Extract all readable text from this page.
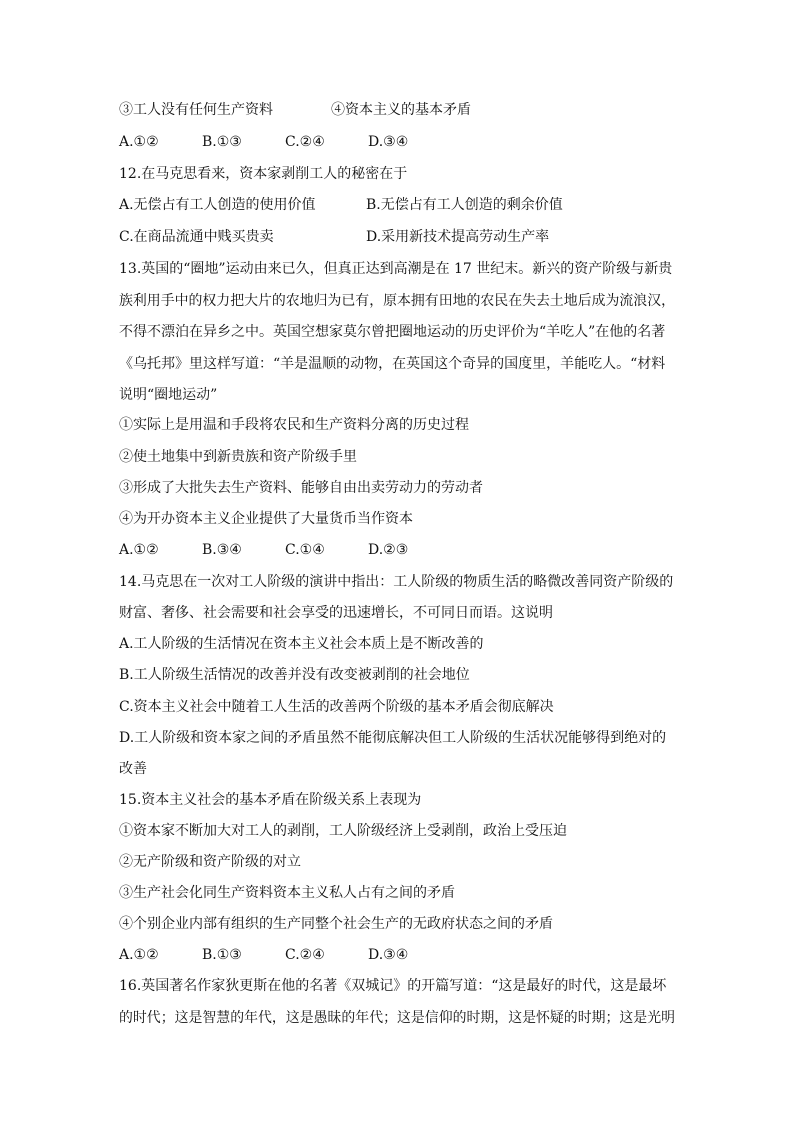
③工人没有任何生产资料	④资本主义的基本矛盾
A.①②	B.①③	C.②④	D.③④
12.在马克思看来，资本家剥削工人的秘密在于
A.无偿占有工人创造的使用价值	B.无偿占有工人创造的剩余价值
C.在商品流通中贱买贵卖	D.采用新技术提高劳动生产率
13.英国的“圈地”运动由来已久，但真正达到高潮是在 17 世纪末。新兴的资产阶级与新贵
族利用手中的权力把大片的农地归为已有，原本拥有田地的农民在失去土地后成为流浪汉，
不得不漂泊在异乡之中。英国空想家莫尔曾把圈地运动的历史评价为“羊吃人”在他的名著
《乌托邦》里这样写道：“羊是温顺的动物，在英国这个奇异的国度里，羊能吃人。“材料
说明“圈地运动”
①实际上是用温和手段将农民和生产资料分离的历史过程
②使土地集中到新贵族和资产阶级手里
③形成了大批失去生产资料、能够自由出卖劳动力的劳动者
④为开办资本主义企业提供了大量货币当作资本
A.①②	B.③④	C.①④	D.②③
14.马克思在一次对工人阶级的演讲中指出：工人阶级的物质生活的略微改善同资产阶级的
财富、奢侈、社会需要和社会享受的迅速增长，不可同日而语。这说明
A.工人阶级的生活情况在资本主义社会本质上是不断改善的
B.工人阶级生活情况的改善并没有改变被剥削的社会地位
C.资本主义社会中随着工人生活的改善两个阶级的基本矛盾会彻底解决
D.工人阶级和资本家之间的矛盾虽然不能彻底解决但工人阶级的生活状况能够得到绝对的
改善
15.资本主义社会的基本矛盾在阶级关系上表现为
①资本家不断加大对工人的剥削，工人阶级经济上受剥削，政治上受压迫
②无产阶级和资产阶级的对立
③生产社会化同生产资料资本主义私人占有之间的矛盾
④个别企业内部有组织的生产同整个社会生产的无政府状态之间的矛盾
A.①②	B.①③	C.②④	D.③④
16.英国著名作家狄更斯在他的名著《双城记》的开篇写道：“这是最好的时代，这是最坏
的时代；这是智慧的年代，这是愚昧的年代；这是信仰的时期，这是怀疑的时期；这是光明
